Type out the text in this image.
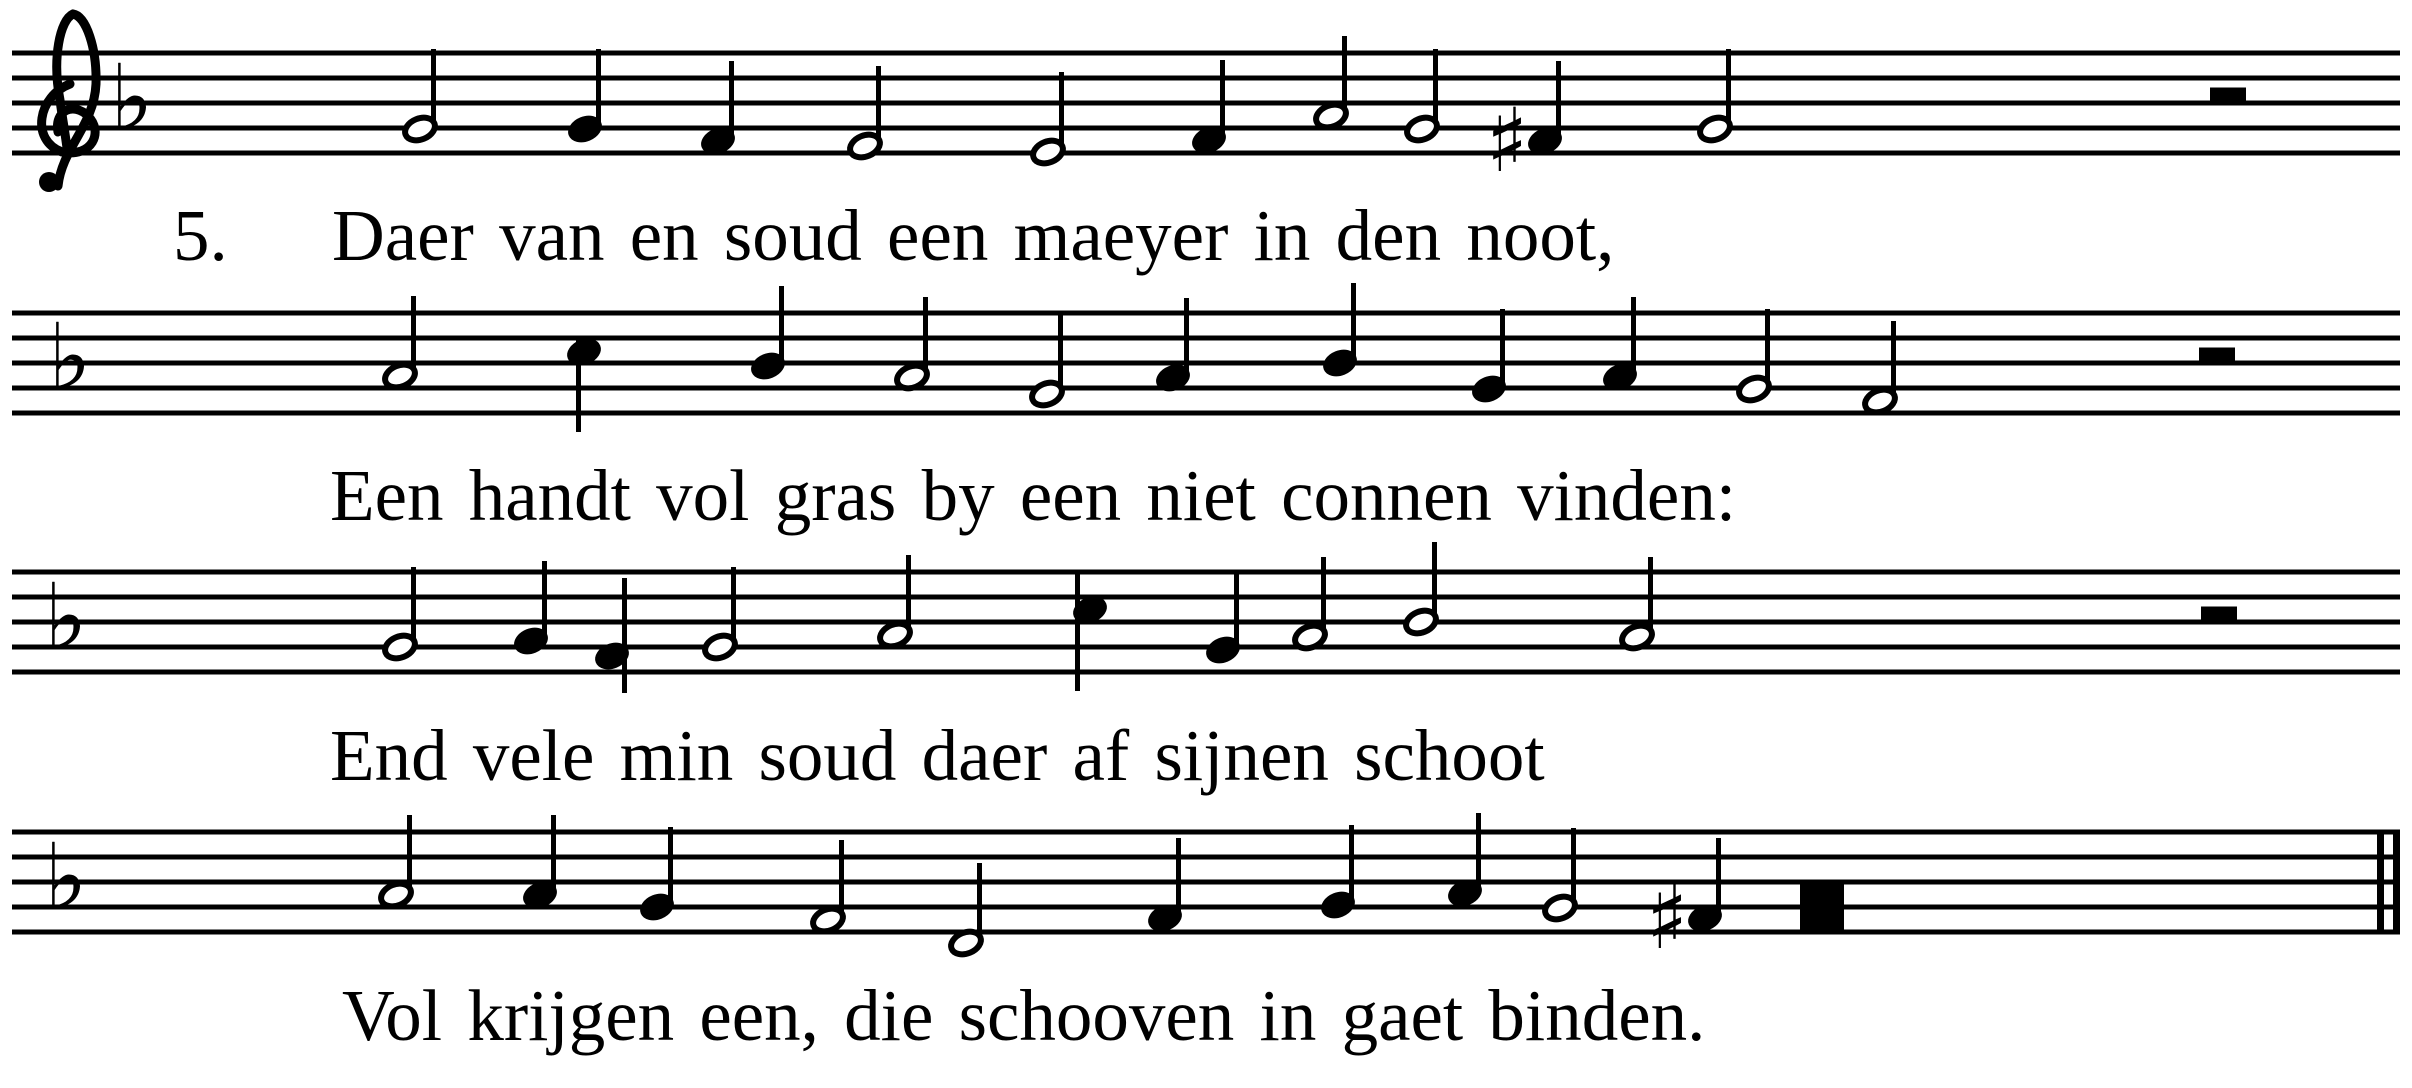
♭	♯
♭
♭
♭	♯
5. Daer van en soud een maeyer in den noot,
Een handt vol gras by een niet connen vinden:
End vele min soud daer af sijnen schoot
Vol krijgen een, die schooven in gaet binden.
